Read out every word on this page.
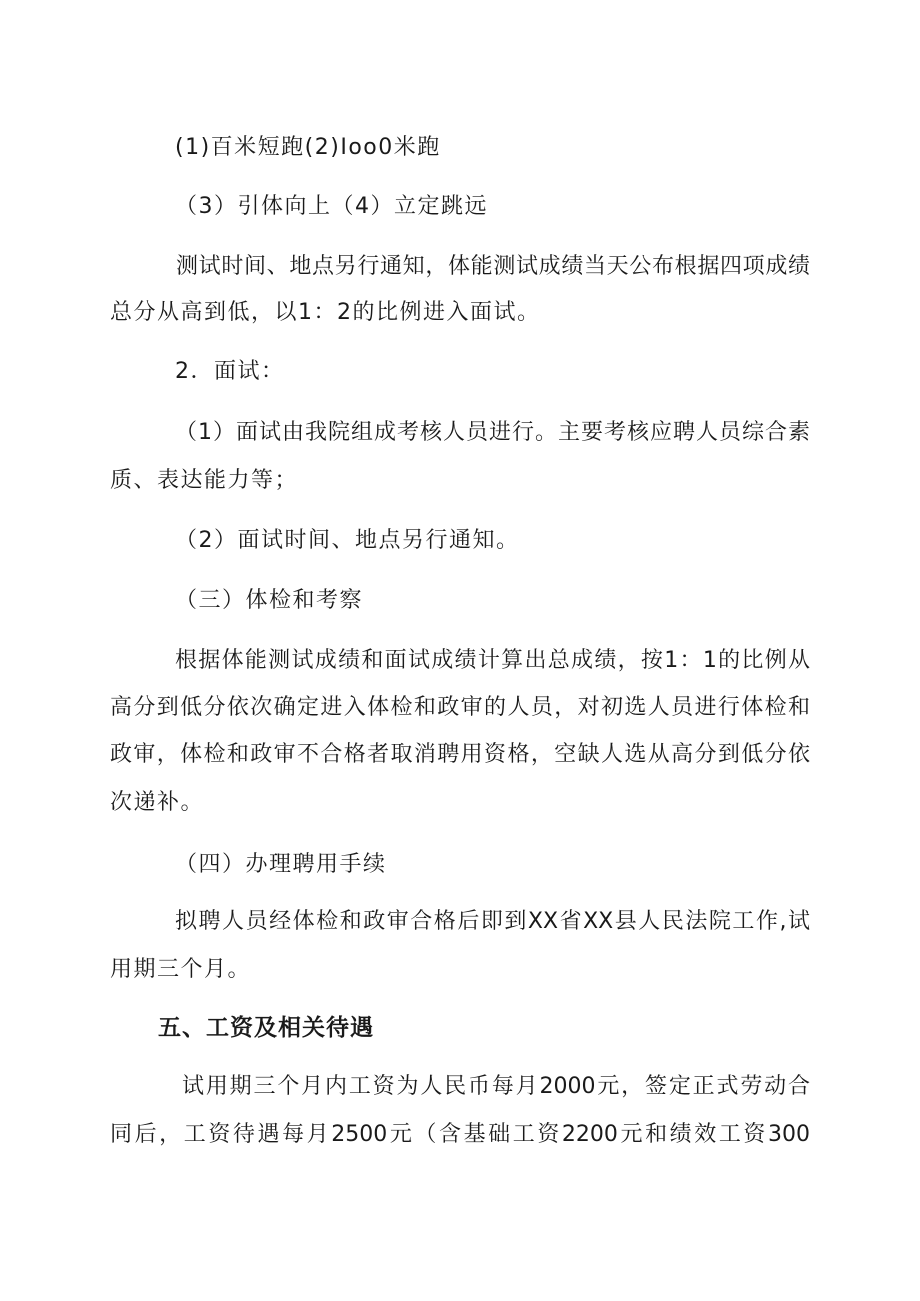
(1)百米短跑(2)Ioo0米跑

（3）引体向上（4）立定跳远

测试时间、地点另行通知，体能测试成绩当天公布根据四项成绩

总分从高到低，以1：2的比例进入面试。

2．面试：

（1）面试由我院组成考核人员进行。主要考核应聘人员综合素

质、表达能力等；

（2）面试时间、地点另行通知。

（三）体检和考察

根据体能测试成绩和面试成绩计算出总成绩，按1：1的比例从

高分到低分依次确定进入体检和政审的人员，对初选人员进行体检和

政审，体检和政审不合格者取消聘用资格，空缺人选从高分到低分依

次递补。

（四）办理聘用手续

拟聘人员经体检和政审合格后即到XX省XX县人民法院工作,试

用期三个月。

五、工资及相关待遇

试用期三个月内工资为人民币每月2000元，签定正式劳动合

同后，工资待遇每月2500元（含基础工资2200元和绩效工资300
